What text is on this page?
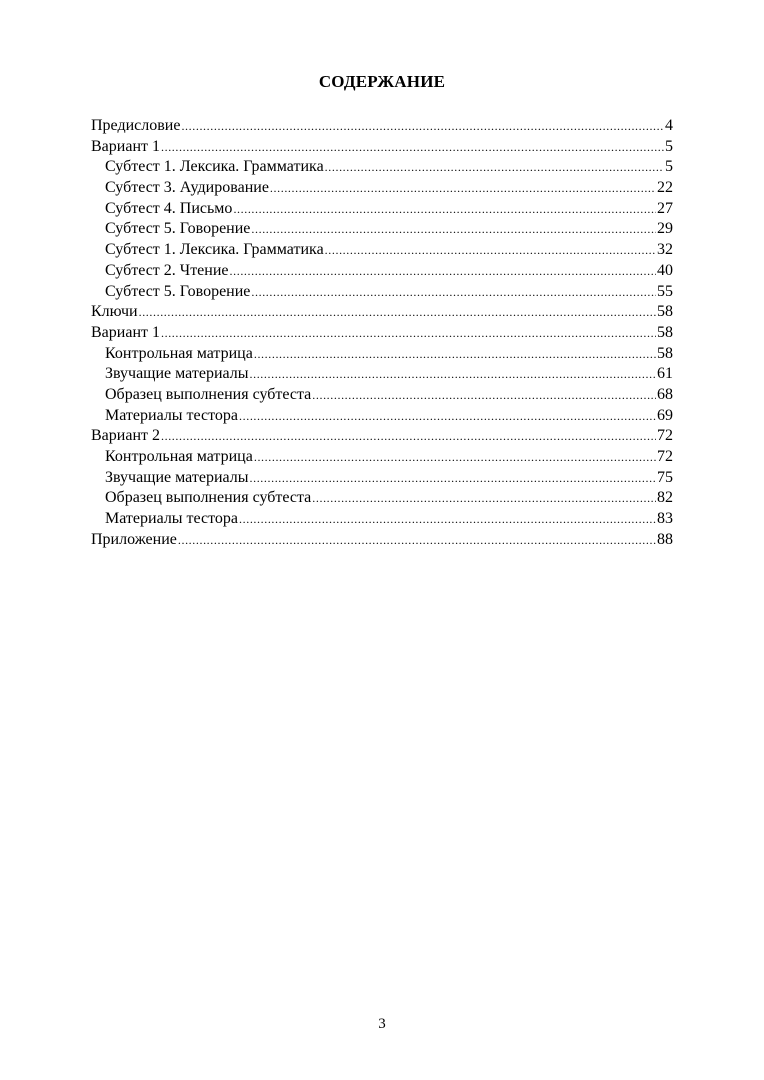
СОДЕРЖАНИЕ
Предисловие .....	4
Вариант 1 .....	5
Субтест 1. Лексика. Грамматика .....	5
Субтест 3. Аудирование .....	22
Субтест 4. Письмо .....	27
Субтест 5. Говорение .....	29
Субтест 1. Лексика. Грамматика .....	32
Субтест 2. Чтение .....	40
Субтест 5. Говорение .....	55
Ключи .....	58
Вариант 1 .....	58
Контрольная матрица .....	58
Звучащие материалы .....	61
Образец выполнения субтеста .....	68
Материалы тестора .....	69
Вариант 2 .....	72
Контрольная матрица .....	72
Звучащие материалы .....	75
Образец выполнения субтеста .....	82
Материалы тестора .....	83
Приложение .....	88
3
